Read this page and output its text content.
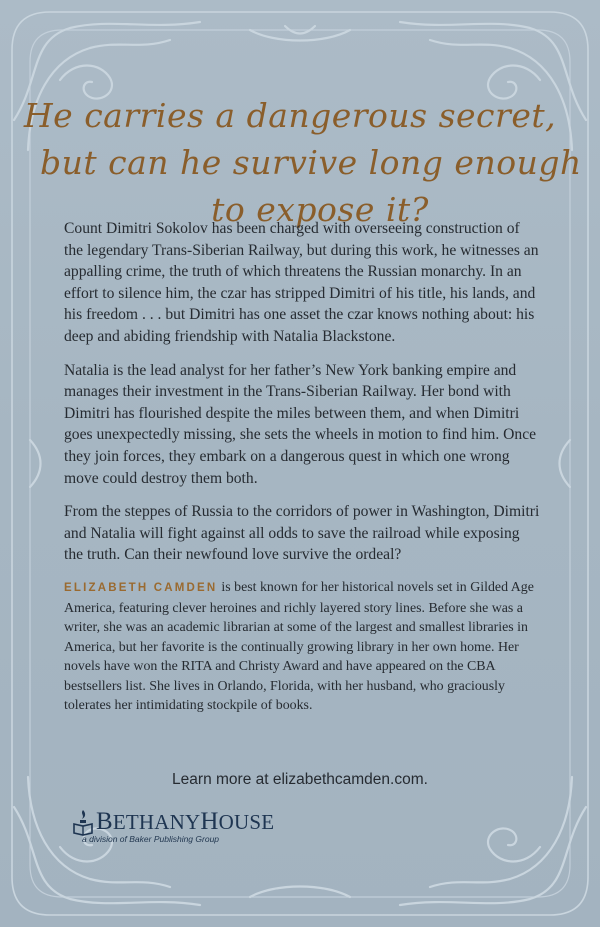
He carries a dangerous secret,
but can he survive long enough
to expose it?

Count Dimitri Sokolov has been charged with overseeing construction of the legendary Trans-Siberian Railway, but during this work, he witnesses an appalling crime, the truth of which threatens the Russian monarchy. In an effort to silence him, the czar has stripped Dimitri of his title, his lands, and his freedom . . . but Dimitri has one asset the czar knows nothing about: his deep and abiding friendship with Natalia Blackstone.

Natalia is the lead analyst for her father’s New York banking empire and manages their investment in the Trans-Siberian Railway. Her bond with Dimitri has flourished despite the miles between them, and when Dimitri goes unexpectedly missing, she sets the wheels in motion to find him. Once they join forces, they embark on a dangerous quest in which one wrong move could destroy them both.

From the steppes of Russia to the corridors of power in Washington, Dimitri and Natalia will fight against all odds to save the railroad while exposing the truth. Can their newfound love survive the ordeal?

ELIZABETH CAMDEN is best known for her historical novels set in Gilded Age America, featuring clever heroines and richly layered story lines. Before she was a writer, she was an academic librarian at some of the largest and smallest libraries in America, but her favorite is the continually growing library in her own home. Her novels have won the RITA and Christy Award and have appeared on the CBA bestsellers list. She lives in Orlando, Florida, with her husband, who graciously tolerates her intimidating stockpile of books.
Learn more at elizabethcamden.com.
BETHANYHOUSE
a division of Baker Publishing Group
